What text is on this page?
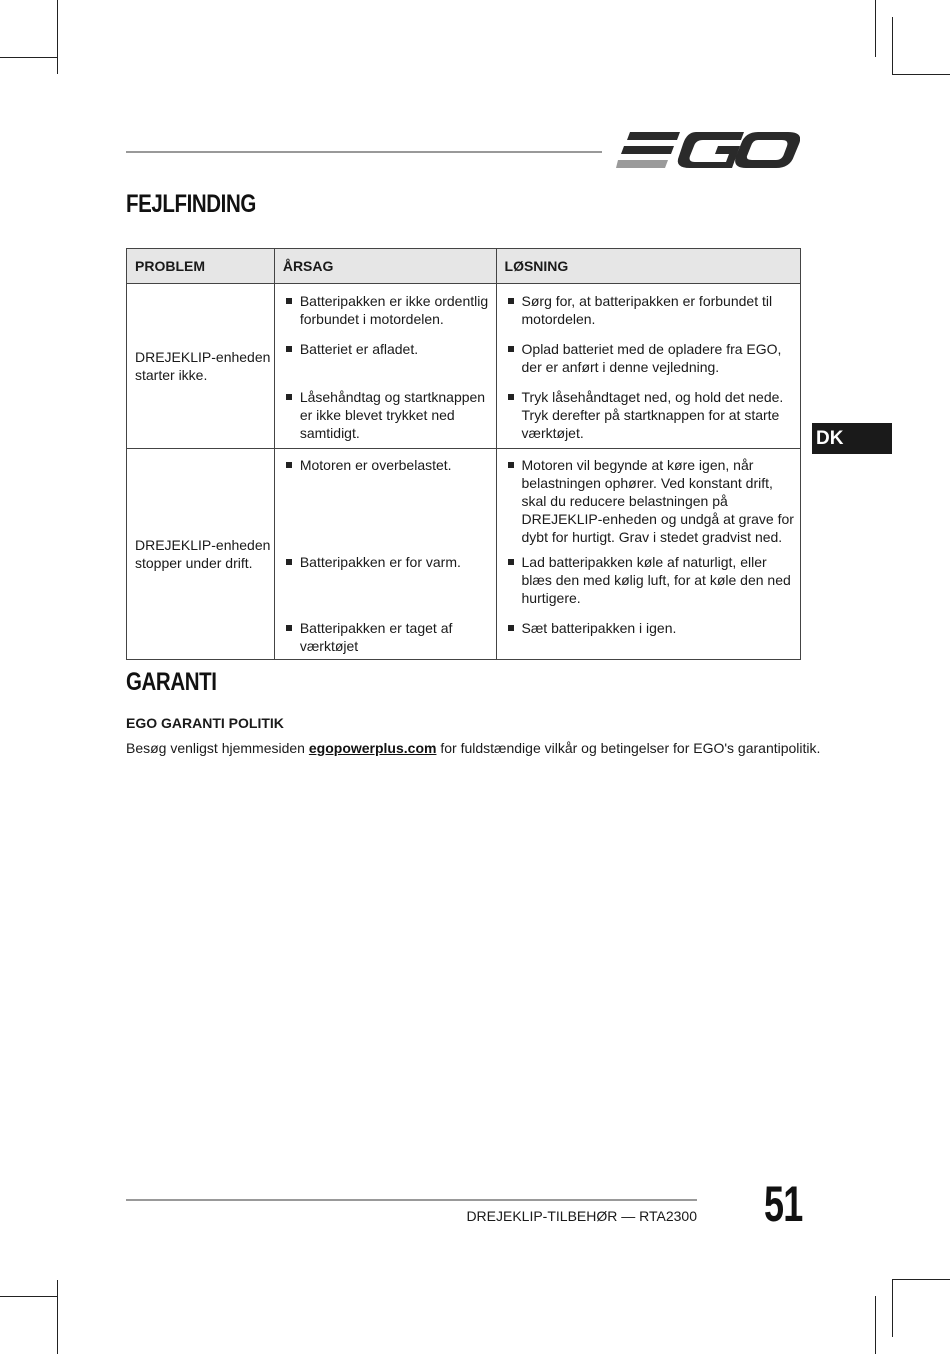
FEJLFINDING
PROBLEM	ÅRSAG	LØSNING
DREJEKLIP-enheden starter ikke.	Batteripakken er ikke ordentlig forbundet i motordelen.	Sørg for, at batteripakken er forbundet til motordelen.

	Batteriet er afladet.	Oplad batteriet med de opladere fra EGO, der er anført i denne vejledning.

	Låsehåndtag og startknappen er ikke blevet trykket ned samtidigt.	Tryk låsehåndtaget ned, og hold det nede. Tryk derefter på startknappen for at starte værktøjet.

DREJEKLIP-enheden stopper under drift.	Motoren er overbelastet.	Motoren vil begynde at køre igen, når belastningen ophører. Ved konstant drift, skal du reducere belastningen på DREJEKLIP-enheden og undgå at grave for dybt for hurtigt. Grav i stedet gradvist ned.

	Batteripakken er for varm.	Lad batteripakken køle af naturligt, eller blæs den med kølig luft, for at køle den ned hurtigere.

	Batteripakken er taget af værktøjet	Sæt batteripakken i igen.
DK
GARANTI
EGO GARANTI POLITIK
Besøg venligst hjemmesiden egopowerplus.com for fuldstændige vilkår og betingelser for EGO's garantipolitik.
DREJEKLIP-TILBEHØR — RTA2300 51
